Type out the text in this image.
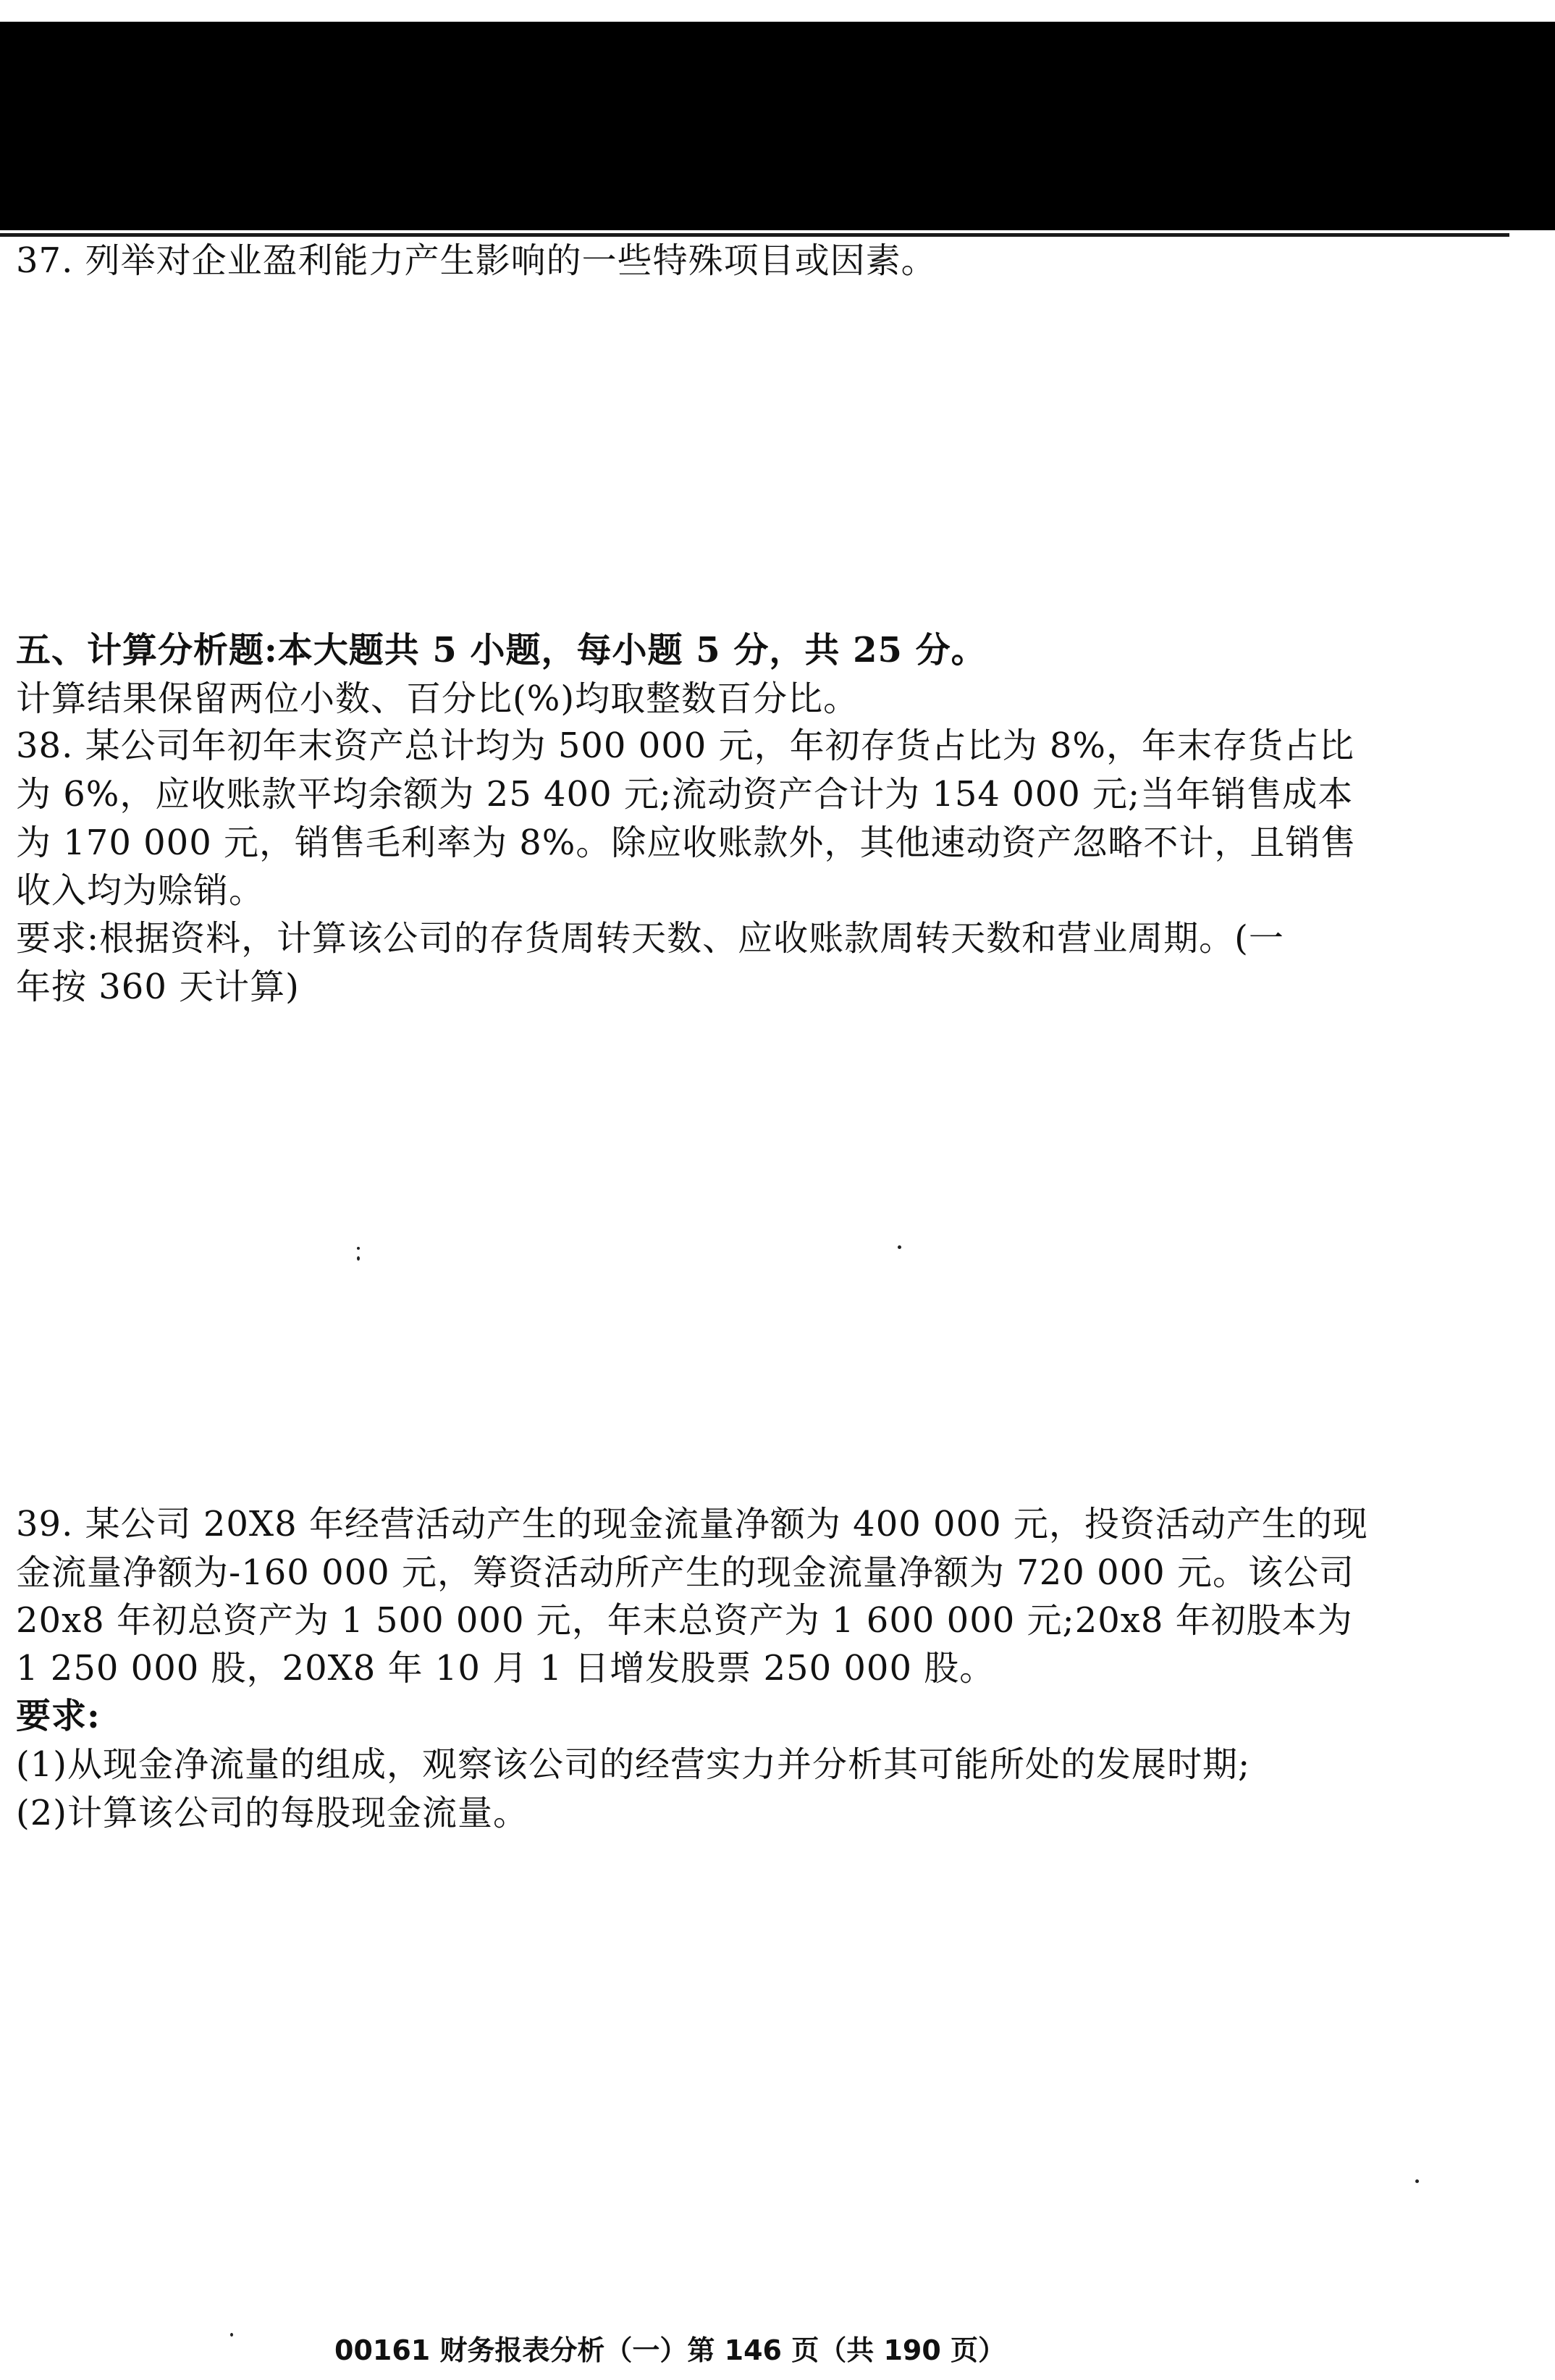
37. 列举对企业盈利能力产生影响的一些特殊项目或因素。
五、计算分析题:本大题共 5 小题，每小题 5 分，共 25 分。
计算结果保留两位小数、百分比(%)均取整数百分比。
38. 某公司年初年末资产总计均为 500 000 元，年初存货占比为 8%，年末存货占比
为 6%，应收账款平均余额为 25 400 元;流动资产合计为 154 000 元;当年销售成本
为 170 000 元，销售毛利率为 8%。除应收账款外，其他速动资产忽略不计，且销售
收入均为赊销。
要求:根据资料，计算该公司的存货周转天数、应收账款周转天数和营业周期。(一
年按 360 天计算)
39. 某公司 20X8 年经营活动产生的现金流量净额为 400 000 元，投资活动产生的现
金流量净额为-160 000 元，筹资活动所产生的现金流量净额为 720 000 元。该公司
20x8 年初总资产为 1 500 000 元，年末总资产为 1 600 000 元;20x8 年初股本为
1 250 000 股，20X8 年 10 月 1 日增发股票 250 000 股。
要求:
(1)从现金净流量的组成，观察该公司的经营实力并分析其可能所处的发展时期;
(2)计算该公司的每股现金流量。
00161 财务报表分析（一）第 146 页（共 190 页）
